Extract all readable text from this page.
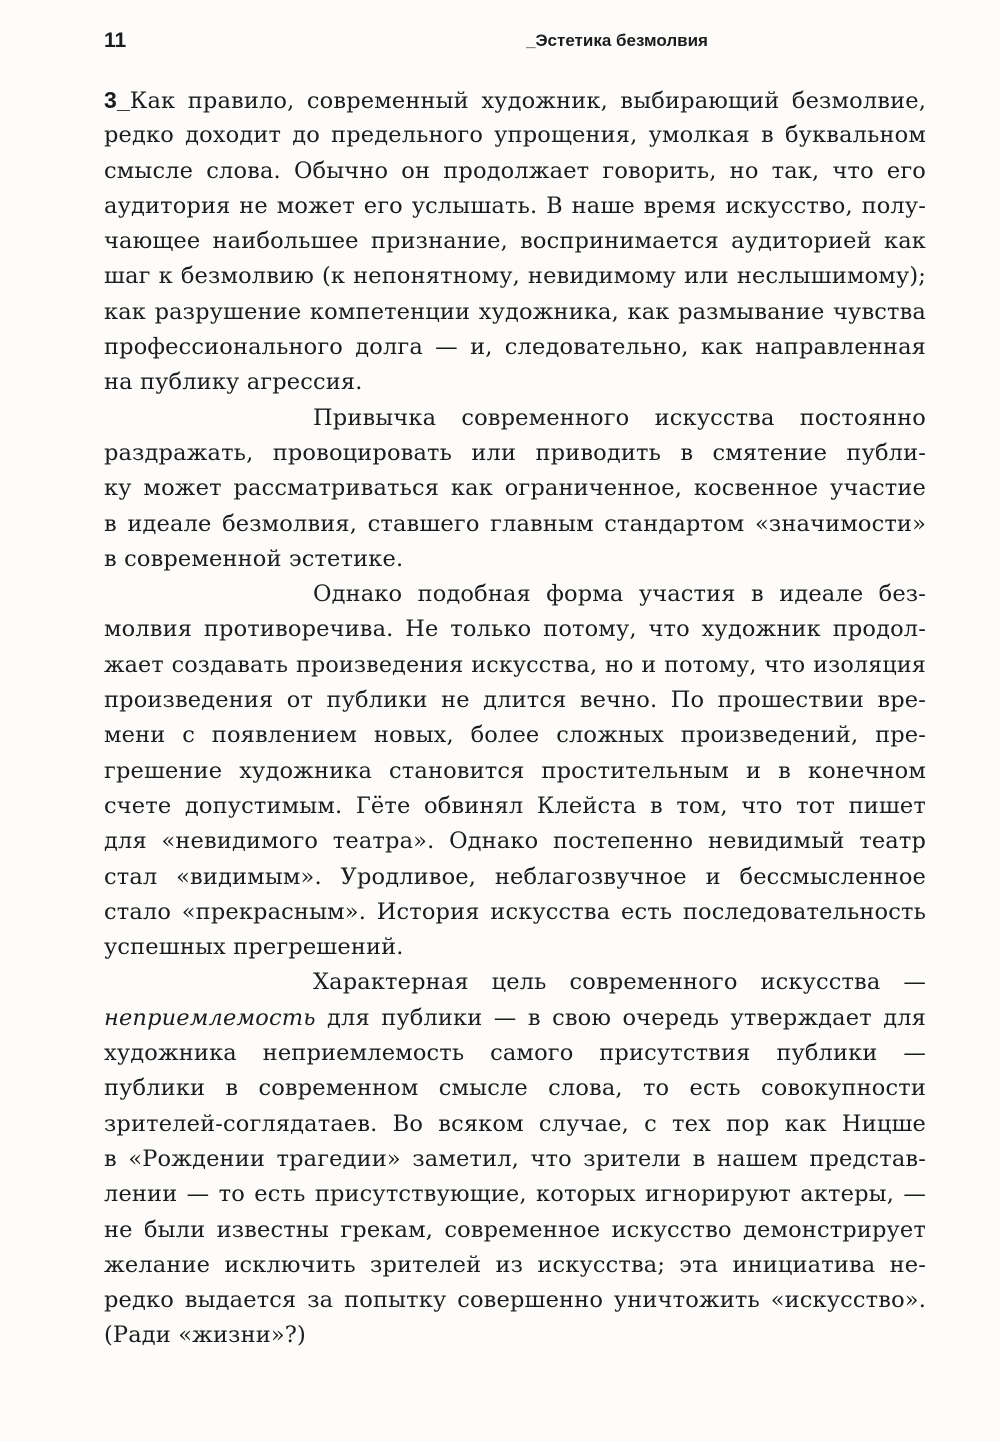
11	_Эстетика безмолвия
3_Как правило, современный художник, выбирающий безмолвие,
редко доходит до предельного упрощения, умолкая в буквальном
смысле слова. Обычно он продолжает говорить, но так, что его
аудитория не может его услышать. В наше время искусство, полу-
чающее наибольшее признание, воспринимается аудиторией как
шаг к безмолвию (к непонятному, невидимому или неслышимому);
как разрушение компетенции художника, как размывание чувства
профессионального долга — и, следовательно, как направленная
на публику агрессия.
Привычка современного искусства постоянно
раздражать, провоцировать или приводить в смятение публи-
ку может рассматриваться как ограниченное, косвенное участие
в идеале безмолвия, ставшего главным стандартом «значимости»
в современной эстетике.
Однако подобная форма участия в идеале без-
молвия противоречива. Не только потому, что художник продол-
жает создавать произведения искусства, но и потому, что изоляция
произведения от публики не длится вечно. По прошествии вре-
мени с появлением новых, более сложных произведений, пре-
грешение художника становится простительным и в конечном
счете допустимым. Гёте обвинял Клейста в том, что тот пишет
для «невидимого театра». Однако постепенно невидимый театр
стал «видимым». Уродливое, неблагозвучное и бессмысленное
стало «прекрасным». История искусства есть последовательность
успешных прегрешений.
Характерная цель современного искусства —
неприемлемость для публики — в свою очередь утверждает для
художника неприемлемость самого присутствия публики —
публики в современном смысле слова, то есть совокупности
зрителей-соглядатаев. Во всяком случае, с тех пор как Ницше
в «Рождении трагедии» заметил, что зрители в нашем представ-
лении — то есть присутствующие, которых игнорируют актеры, —
не были известны грекам, современное искусство демонстрирует
желание исключить зрителей из искусства; эта инициатива не-
редко выдается за попытку совершенно уничтожить «искусство».
(Ради «жизни»?)
